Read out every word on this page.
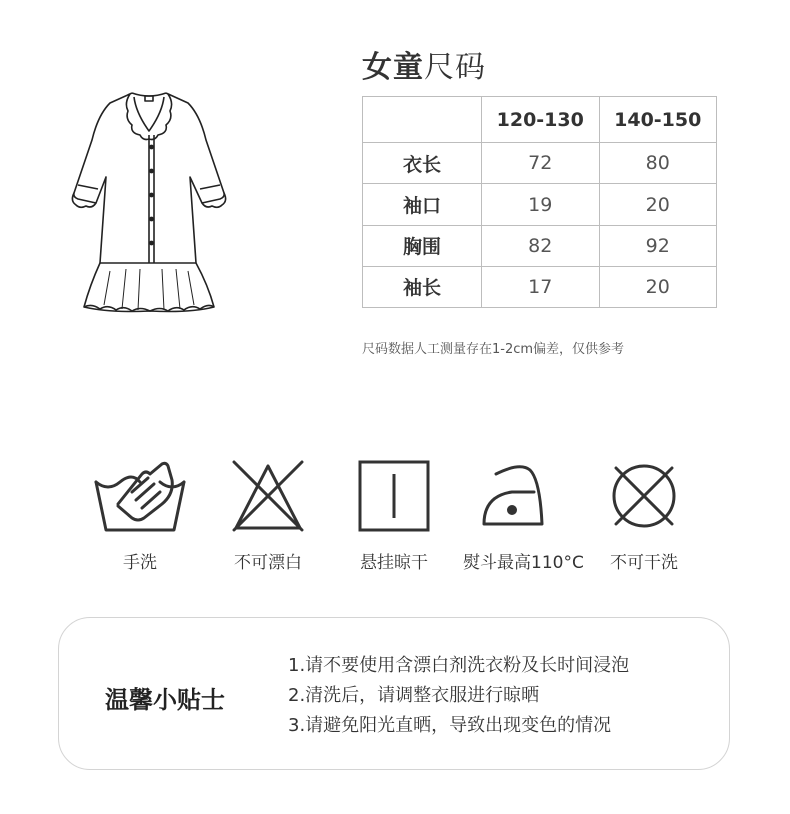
女童尺码
	120-130	140-150
衣长	72	80
袖口	19	20
胸围	82	92
袖长	17	20
尺码数据人工测量存在1-2cm偏差，仅供参考
手洗	不可漂白	悬挂晾干	熨斗最高110°C	不可干洗
温馨小贴士
1.请不要使用含漂白剂洗衣粉及长时间浸泡
2.清洗后，请调整衣服进行晾晒
3.请避免阳光直晒，导致出现变色的情况
